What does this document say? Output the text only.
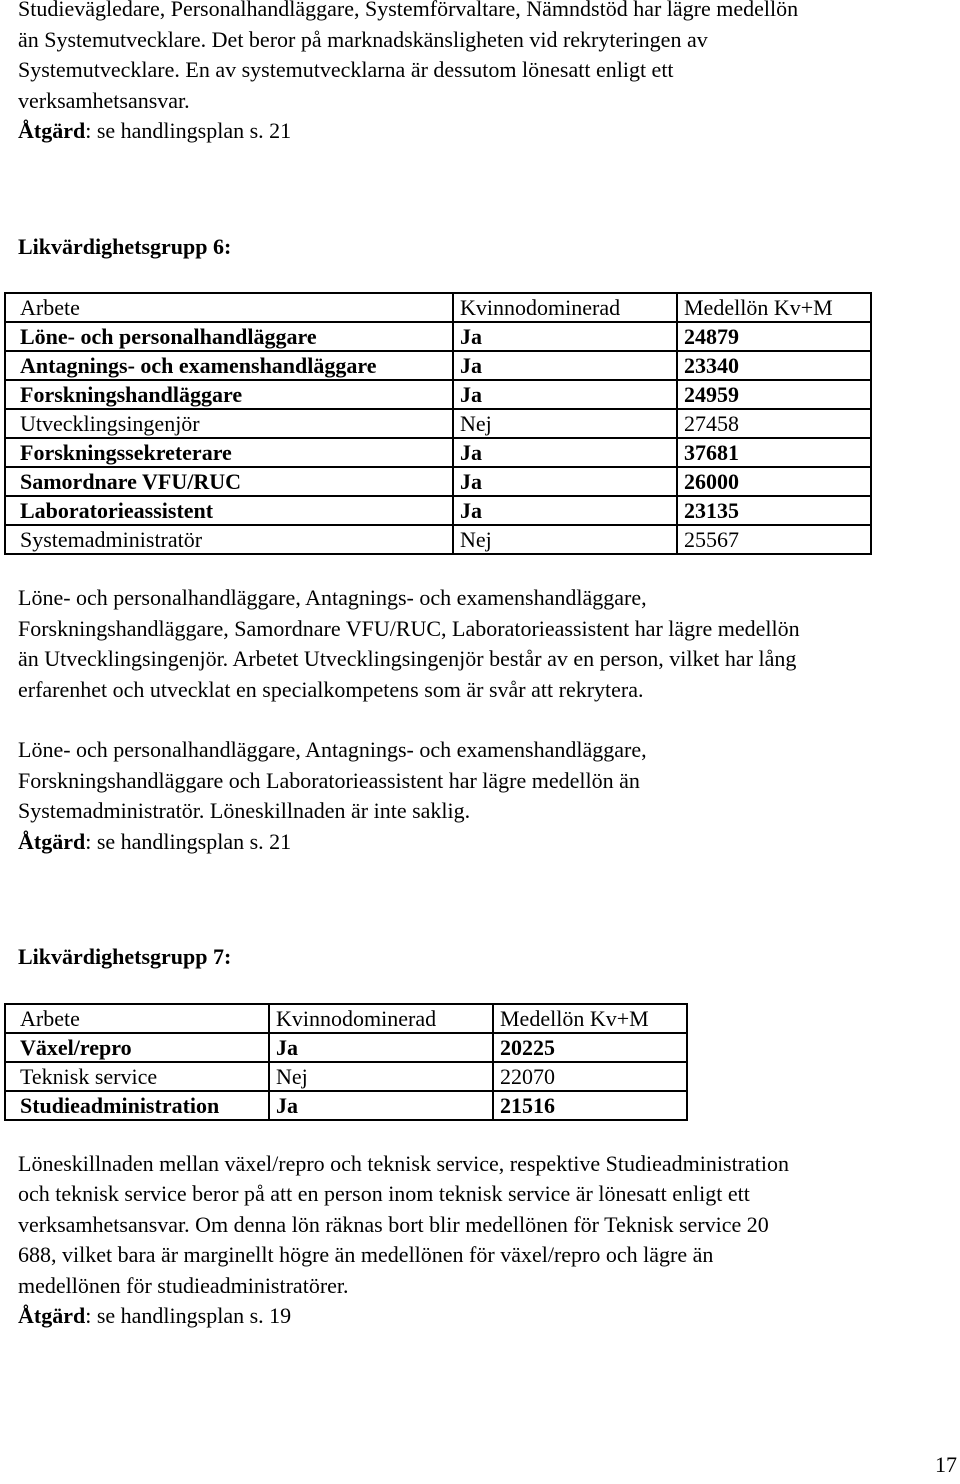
Studievägledare, Personalhandläggare, Systemförvaltare, Nämndstöd har lägre medellön

än Systemutvecklare. Det beror på marknadskänsligheten vid rekryteringen av

Systemutvecklare. En av systemutvecklarna är dessutom lönesatt enligt ett

verksamhetsansvar.

Åtgärd: se handlingsplan s. 21

Likvärdighetsgrupp 6:

Arbete	Kvinnodominerad	Medellön Kv+M
Löne- och personalhandläggare	Ja	24879
Antagnings- och examenshandläggare	Ja	23340
Forskningshandläggare	Ja	24959
Utvecklingsingenjör	Nej	27458
Forskningssekreterare	Ja	37681
Samordnare VFU/RUC	Ja	26000
Laboratorieassistent	Ja	23135
Systemadministratör	Nej	25567

Löne- och personalhandläggare, Antagnings- och examenshandläggare,

Forskningshandläggare, Samordnare VFU/RUC, Laboratorieassistent har lägre medellön

än Utvecklingsingenjör. Arbetet Utvecklingsingenjör består av en person, vilket har lång

erfarenhet och utvecklat en specialkompetens som är svår att rekrytera.

Löne- och personalhandläggare, Antagnings- och examenshandläggare,

Forskningshandläggare och Laboratorieassistent har lägre medellön än

Systemadministratör. Löneskillnaden är inte saklig.

Åtgärd: se handlingsplan s. 21

Likvärdighetsgrupp 7:

Arbete	Kvinnodominerad	Medellön Kv+M
Växel/repro	Ja	20225
Teknisk service	Nej	22070
Studieadministration	Ja	21516

Löneskillnaden mellan växel/repro och teknisk service, respektive Studieadministration

och teknisk service beror på att en person inom teknisk service är lönesatt enligt ett

verksamhetsansvar. Om denna lön räknas bort blir medellönen för Teknisk service 20

688, vilket bara är marginellt högre än medellönen för växel/repro och lägre än

medellönen för studieadministratörer.

Åtgärd: se handlingsplan s. 19

17
